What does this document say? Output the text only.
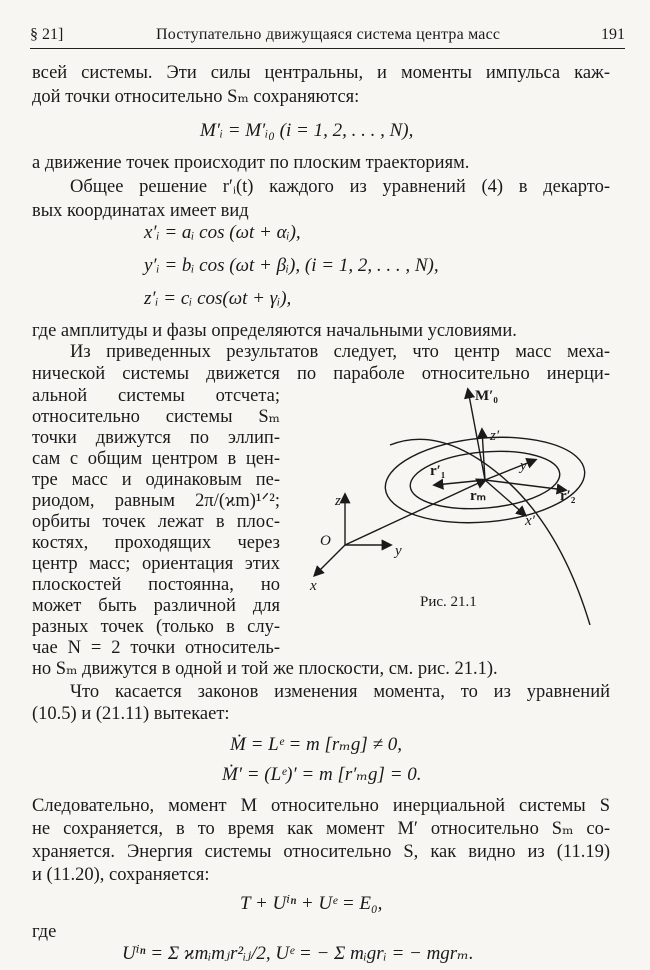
§ 21]	Поступательно движущаяся система центра масс	191
всей системы. Эти силы центральны, и моменты импульса каж-
дой точки относительно Sₘ сохраняются:
M′ᵢ = M′ᵢ₀ (i = 1, 2, . . . , N),
а движение точек происходит по плоским траекториям.
Общее решение r′ᵢ(t) каждого из уравнений (4) в декарто-
вых координатах имеет вид
x′ᵢ = aᵢ cos (ωt + αᵢ),
y′ᵢ = bᵢ cos (ωt + βᵢ), (i = 1, 2, . . . , N),
z′ᵢ = cᵢ cos(ωt + γᵢ),
где амплитуды и фазы определяются начальными условиями.
Из приведенных результатов следует, что центр масс меха-
нической системы движется по параболе относительно инерци-
альной системы отсчета;
относительно системы Sₘ
точки движутся по эллип-
сам с общим центром в цен-
тре масс и одинаковым пе-
риодом, равным 2π/(ϰm)¹ᐟ²;
орбиты точек лежат в плос-
костях, проходящих через
центр масс; ориентация этих
плоскостей постоянна, но
может быть различной для
разных точек (только в слу-
чае N = 2 точки относитель-
но Sₘ движутся в одной и той же плоскости, см. рис. 21.1).
M′₀
z′
y′
x′
z
O
y
x
r′₁
rₘ	r′₂
Рис. 21.1
Что касается законов изменения момента, то из уравнений
(10.5) и (21.11) вытекает:
Ṁ = Lᵉ = m [rₘg] ≠ 0,
Ṁ′ = (Lᵉ)′ = m [r′ₘg] = 0.
Следовательно, момент M относительно инерциальной системы S
не сохраняется, в то время как момент M′ относительно Sₘ со-
храняется. Энергия системы относительно S, как видно из (11.19)
и (11.20), сохраняется:
T + Uⁱⁿ + Uᵉ = E₀,
где
Uⁱⁿ = Σ ϰmᵢmⱼr²ᵢⱼ/2, Uᵉ = − Σ mᵢgrᵢ = − mgrₘ.
